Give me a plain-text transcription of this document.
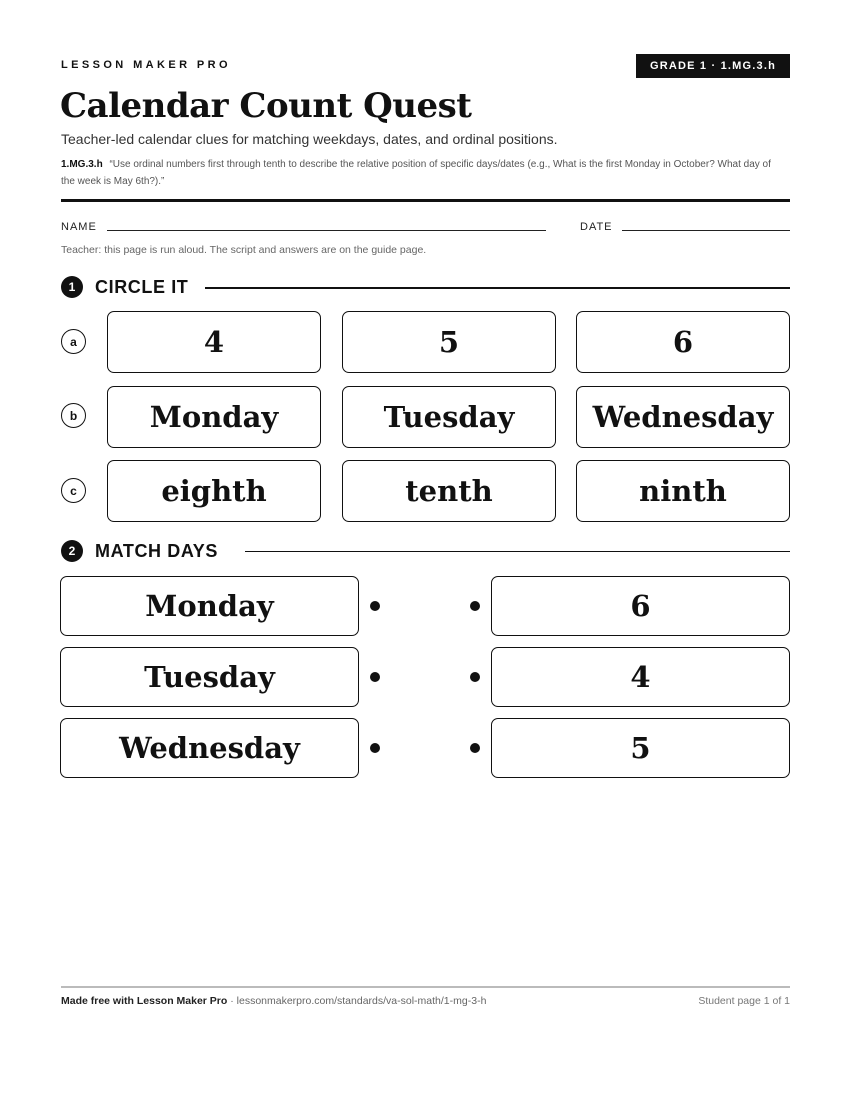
LESSON MAKER PRO	GRADE 1 · 1.MG.3.h
Calendar Count Quest
Teacher-led calendar clues for matching weekdays, dates, and ordinal positions.
1.MG.3.h “Use ordinal numbers first through tenth to describe the relative position of specific days/dates (e.g., What is the first Monday in October? What day of the week is May 6th?).”
NAME	DATE
Teacher: this page is run aloud. The script and answers are on the guide page.
1	CIRCLE IT
a	4	5	6
b	Monday	Tuesday	Wednesday
c	eighth	tenth	ninth
2	MATCH DAYS
Monday	6
Tuesday	4
Wednesday	5
Made free with Lesson Maker Pro · lessonmakerpro.com/standards/va-sol-math/1-mg-3-h	Student page 1 of 1
